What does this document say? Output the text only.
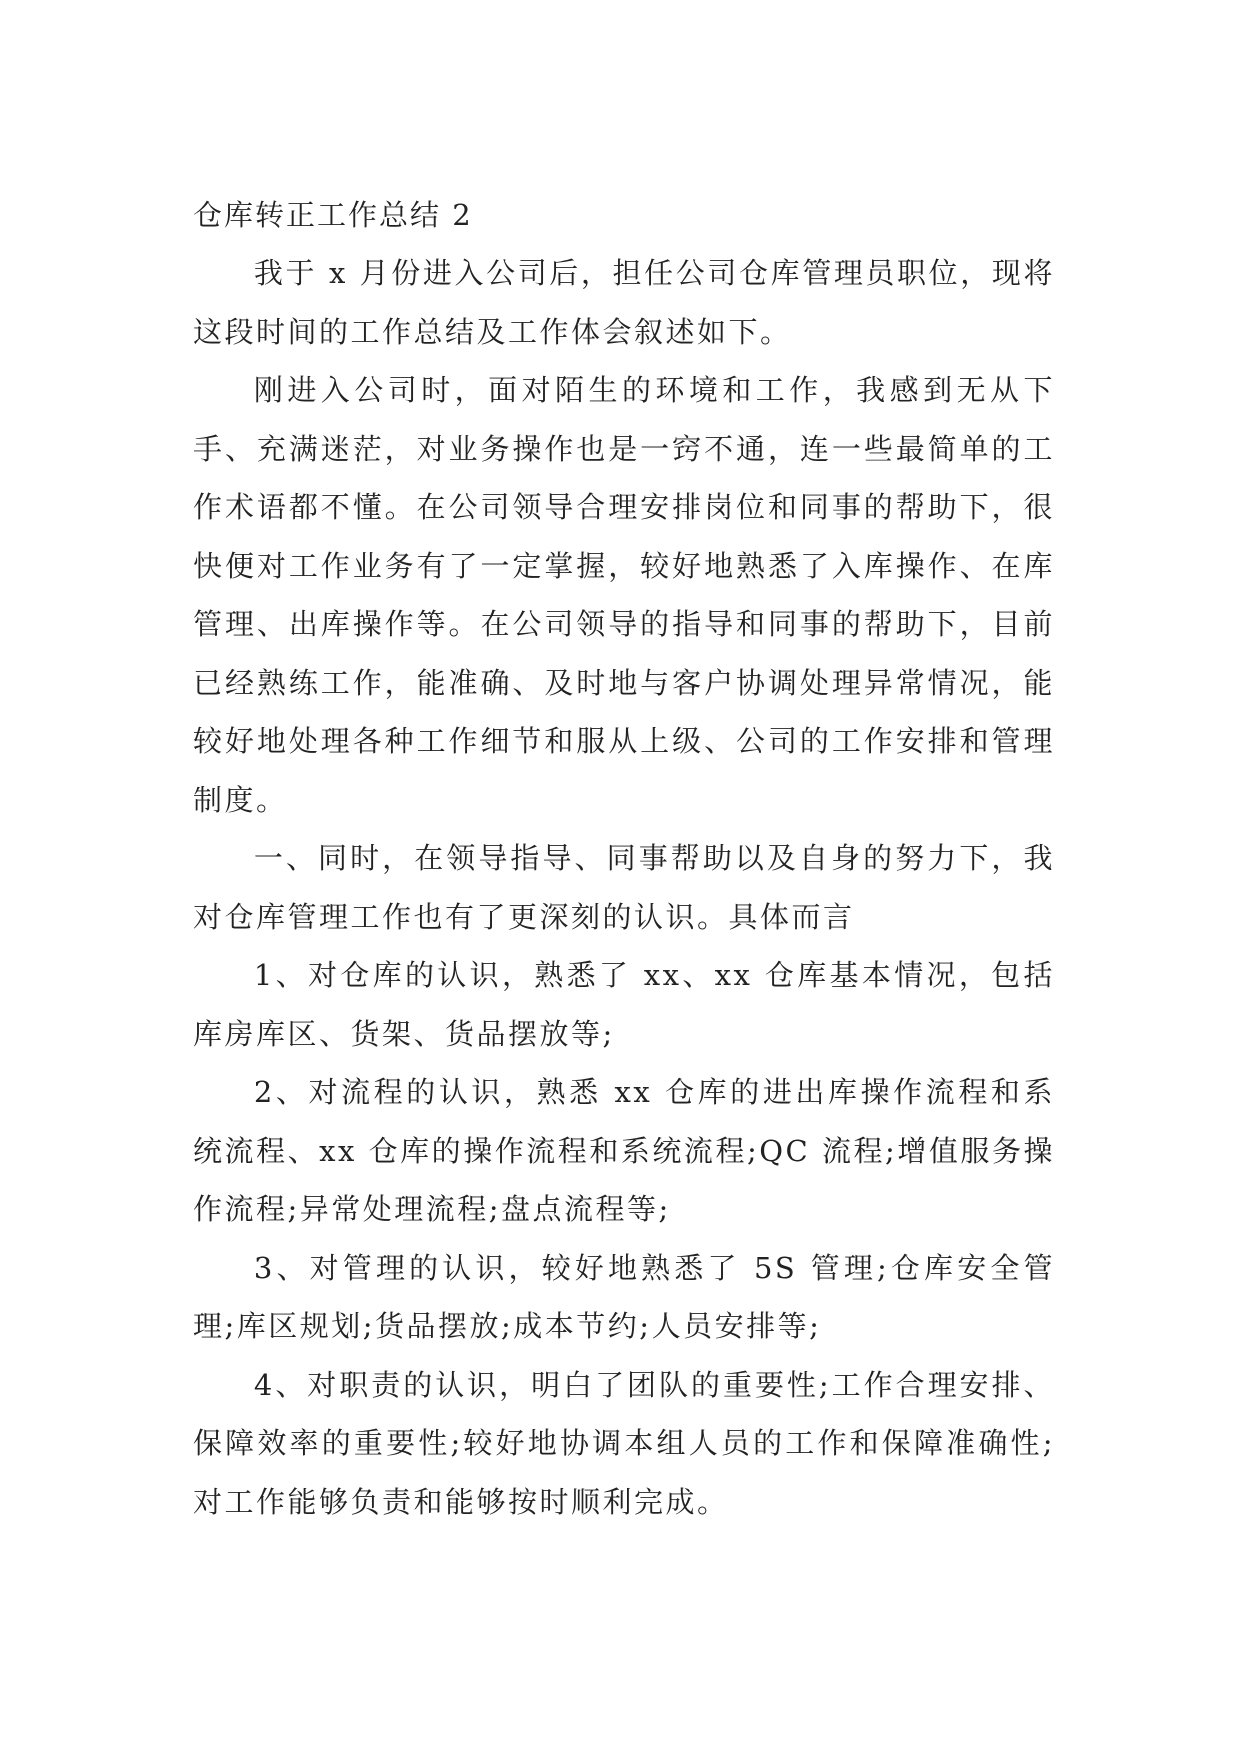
仓库转正工作总结 2

我于 x 月份进入公司后，担任公司仓库管理员职位，现将这段时间的工作总结及工作体会叙述如下。

刚进入公司时，面对陌生的环境和工作，我感到无从下手、充满迷茫，对业务操作也是一窍不通，连一些最简单的工作术语都不懂。在公司领导合理安排岗位和同事的帮助下，很快便对工作业务有了一定掌握，较好地熟悉了入库操作、在库管理、出库操作等。在公司领导的指导和同事的帮助下，目前已经熟练工作，能准确、及时地与客户协调处理异常情况，能较好地处理各种工作细节和服从上级、公司的工作安排和管理制度。

一、同时，在领导指导、同事帮助以及自身的努力下，我对仓库管理工作也有了更深刻的认识。具体而言

1、对仓库的认识，熟悉了 xx、xx 仓库基本情况，包括库房库区、货架、货品摆放等;

2、对流程的认识，熟悉 xx 仓库的进出库操作流程和系统流程、xx 仓库的操作流程和系统流程;QC 流程;增值服务操作流程;异常处理流程;盘点流程等;

3、对管理的认识，较好地熟悉了 5S 管理;仓库安全管理;库区规划;货品摆放;成本节约;人员安排等;

4、对职责的认识，明白了团队的重要性;工作合理安排、保障效率的重要性;较好地协调本组人员的工作和保障准确性;对工作能够负责和能够按时顺利完成。
